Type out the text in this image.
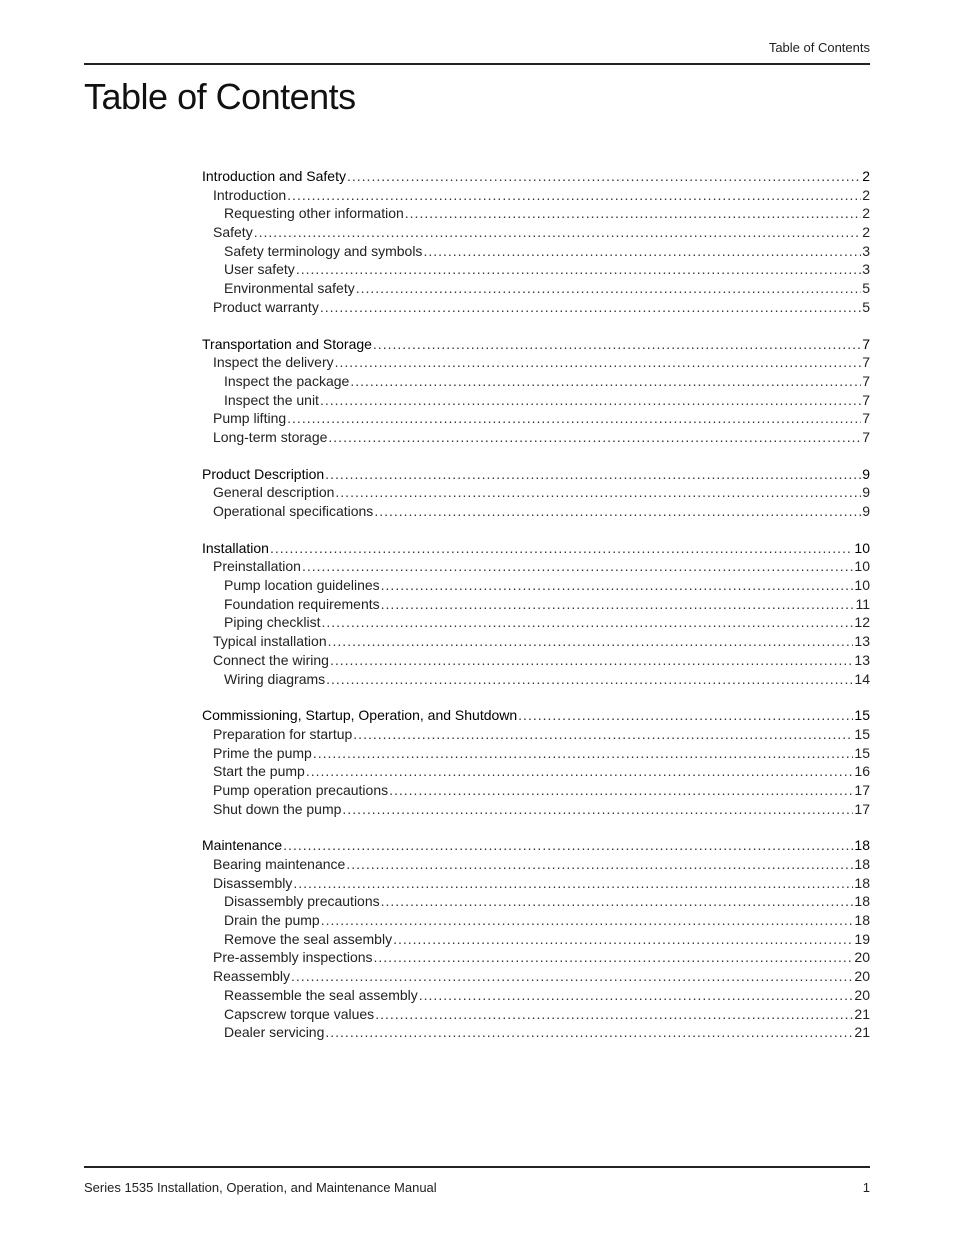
Table of Contents
Table of Contents
Introduction and Safety .....	2
Introduction .....	2
Requesting other information .....	2
Safety .....	2
Safety terminology and symbols .....	3
User safety .....	3
Environmental safety .....	5
Product warranty .....	5
Transportation and Storage .....	7
Inspect the delivery .....	7
Inspect the package .....	7
Inspect the unit .....	7
Pump lifting .....	7
Long-term storage .....	7
Product Description .....	9
General description .....	9
Operational specifications .....	9
Installation .....	10
Preinstallation .....	10
Pump location guidelines .....	10
Foundation requirements .....	11
Piping checklist .....	12
Typical installation .....	13
Connect the wiring .....	13
Wiring diagrams .....	14
Commissioning, Startup, Operation, and Shutdown .....	15
Preparation for startup .....	15
Prime the pump .....	15
Start the pump .....	16
Pump operation precautions .....	17
Shut down the pump .....	17
Maintenance .....	18
Bearing maintenance .....	18
Disassembly .....	18
Disassembly precautions .....	18
Drain the pump .....	18
Remove the seal assembly .....	19
Pre-assembly inspections .....	20
Reassembly .....	20
Reassemble the seal assembly .....	20
Capscrew torque values .....	21
Dealer servicing .....	21
Series 1535 Installation, Operation, and Maintenance Manual	1
